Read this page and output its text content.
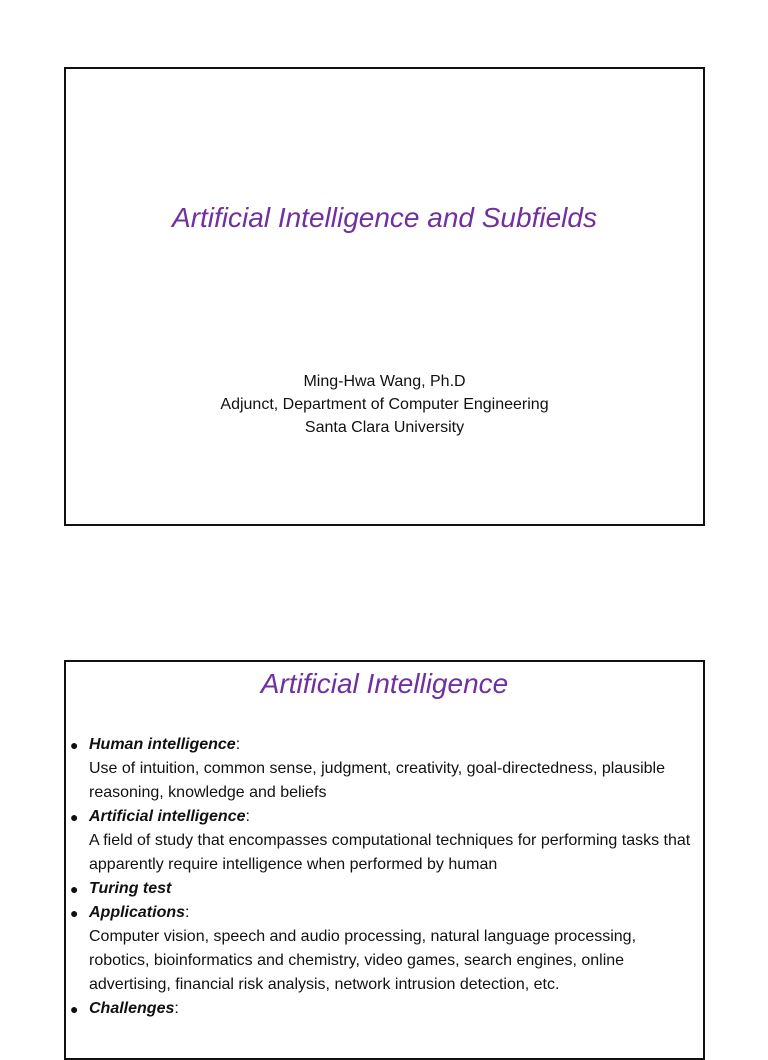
Artificial Intelligence and Subfields
Ming-Hwa Wang, Ph.D
Adjunct, Department of Computer Engineering
Santa Clara University
Artificial Intelligence
● Human intelligence:
Use of intuition, common sense, judgment, creativity, goal-directedness, plausible reasoning, knowledge and beliefs
● Artificial intelligence:
A field of study that encompasses computational techniques for performing tasks that apparently require intelligence when performed by human
● Turing test
● Applications:
Computer vision, speech and audio processing, natural language processing, robotics, bioinformatics and chemistry, video games, search engines, online advertising, financial risk analysis, network intrusion detection, etc.
● Challenges:
